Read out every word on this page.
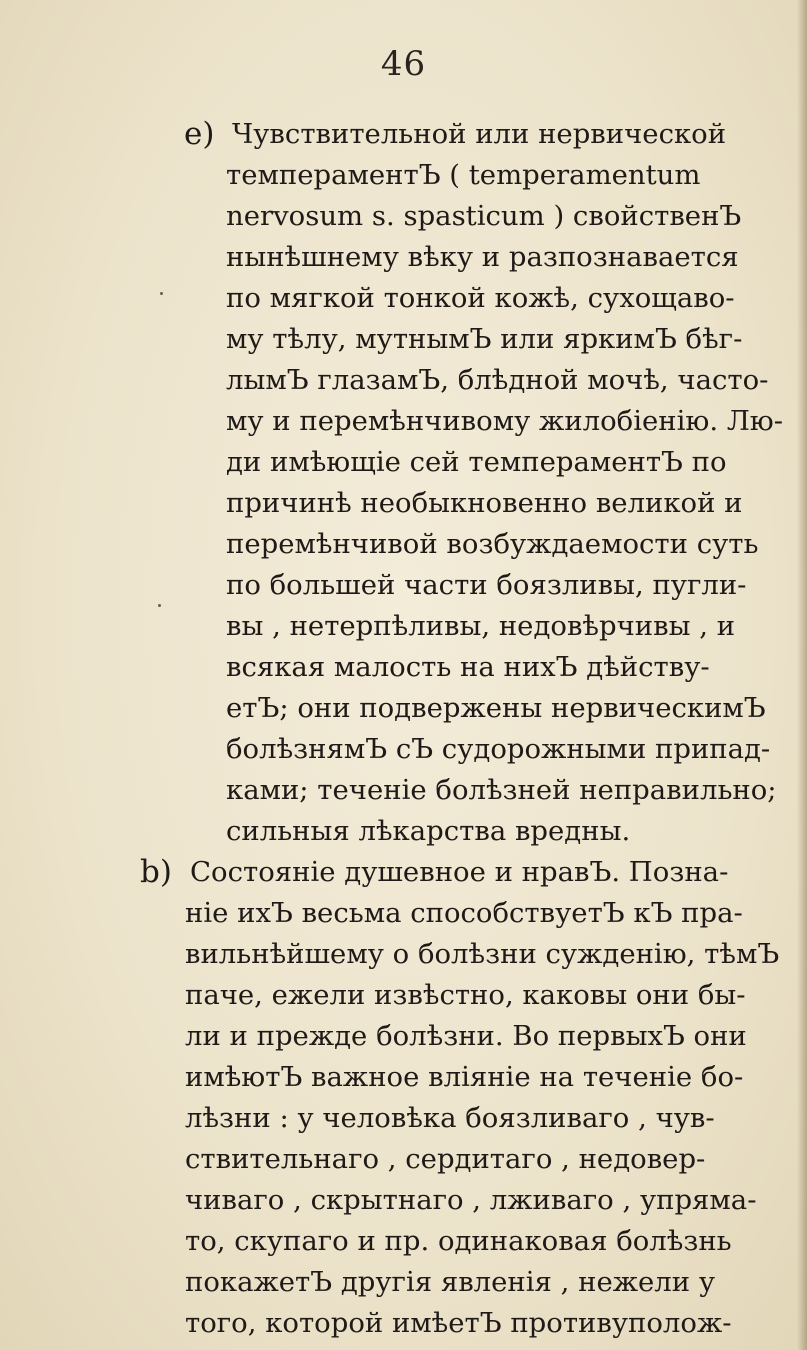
46
e) Чувствительной или нервической
темпераментЪ ( temperamentum
nervosum s. spasticum ) свойственЪ
нынѣшнему вѣку и разпознавается
по мягкой тонкой кожѣ, сухощаво-
му тѣлу, мутнымЪ или яркимЪ бѣг-
лымЪ глазамЪ, блѣдной мочѣ, часто-
му и перемѣнчивому жилобіенію. Лю-
ди имѣющіе сей темпераментЪ по
причинѣ необыкновенно великой и
перемѣнчивой возбуждаемости суть
по большей части боязливы, пугли-
вы , нетерпѣливы, недовѣрчивы , и
всякая малость на нихЪ дѣйству-
етЪ; они подвержены нервическимЪ
болѣзнямЪ сЪ судорожными припад-
ками; теченіе болѣзней неправильно;
сильныя лѣкарства вредны.
b) Состояніе душевное и нравЪ. Позна-
ніе ихЪ весьма способствуетЪ кЪ пра-
вильнѣйшему о болѣзни сужденію, тѣмЪ
паче, ежели извѣстно, каковы они бы-
ли и прежде болѣзни. Во первыхЪ они
имѣютЪ важное вліяніе на теченіе бо-
лѣзни : у человѣка боязливаго , чув-
ствительнаго , сердитаго , недовер-
чиваго , скрытнаго , лживаго , упряма-
то, скупаго и пр. одинаковая болѣзнь
покажетЪ другія явленія , нежели у
того, которой имѣетЪ противуполож-
